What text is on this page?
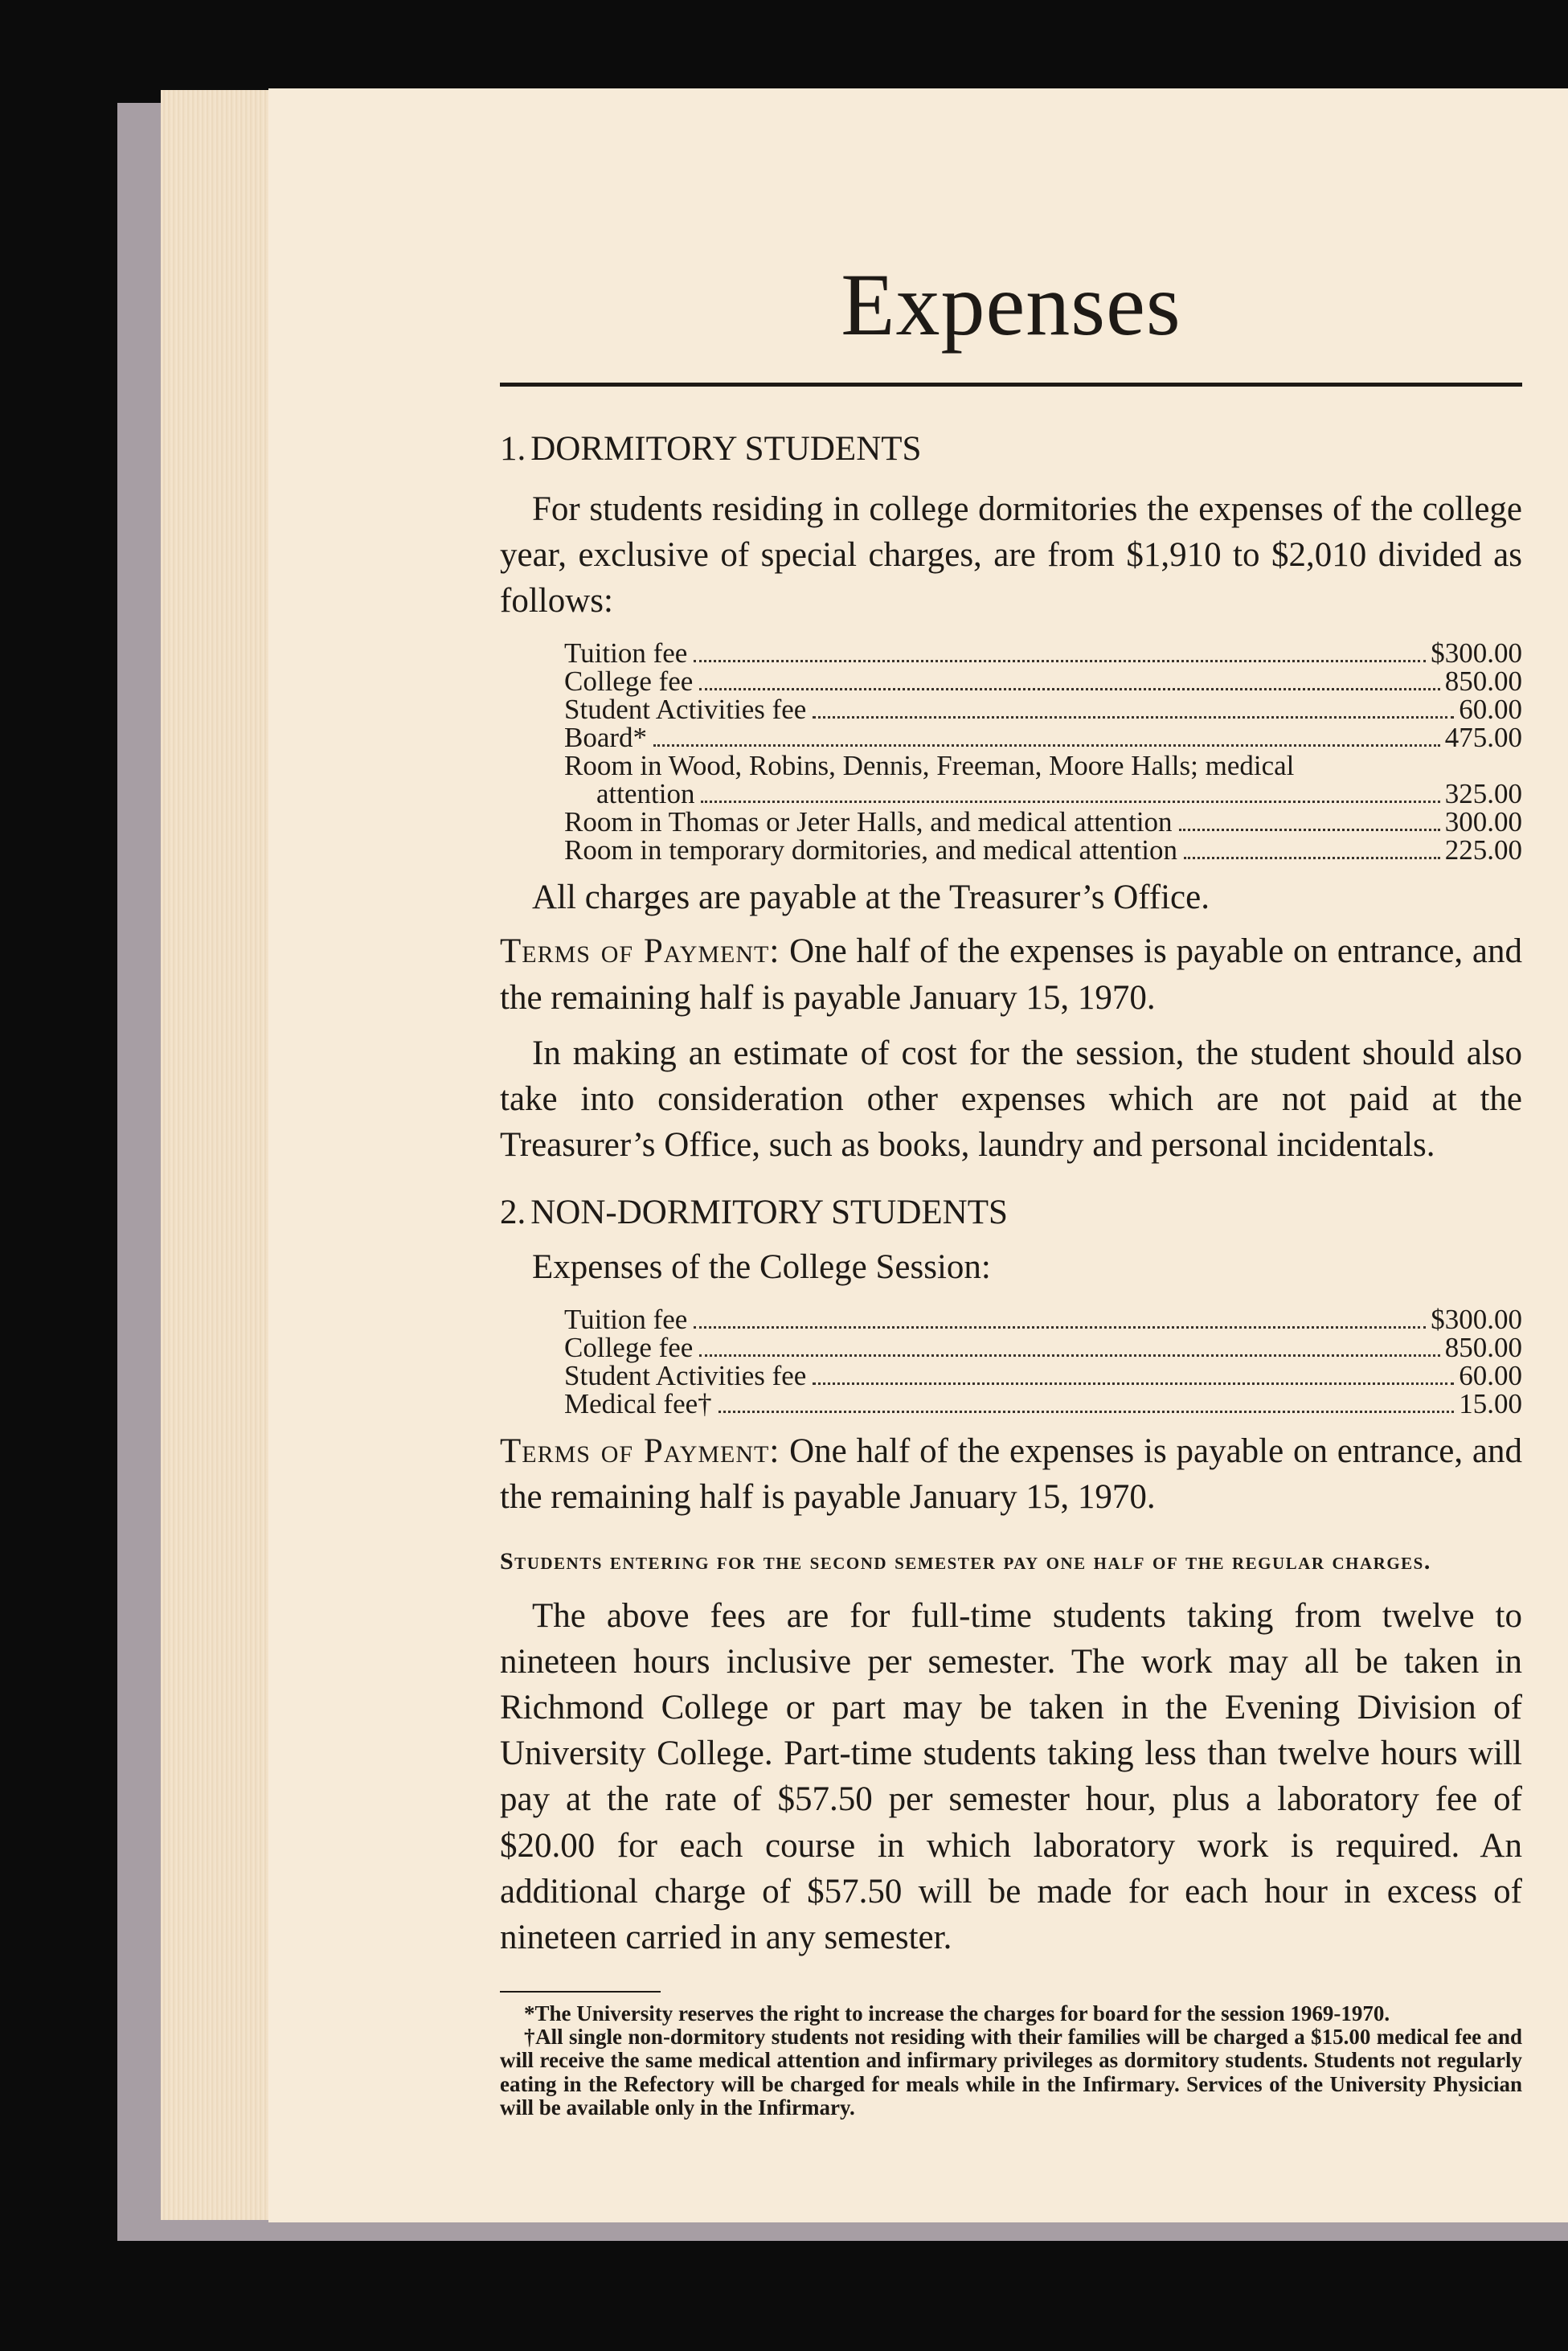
Expenses
1. DORMITORY STUDENTS

For students residing in college dormitories the expenses of the college year, exclusive of special charges, are from $1,910 to $2,010 divided as follows:

Tuition fee	$300.00
College fee	850.00
Student Activities fee	60.00
Board*	475.00
Room in Wood, Robins, Dennis, Freeman, Moore Halls; medical
attention	325.00
Room in Thomas or Jeter Halls, and medical attention	300.00
Room in temporary dormitories, and medical attention	225.00

All charges are payable at the Treasurer’s Office.

Terms of Payment: One half of the expenses is payable on entrance, and the remaining half is payable January 15, 1970.

In making an estimate of cost for the session, the student should also take into consideration other expenses which are not paid at the Treasurer’s Office, such as books, laundry and personal incidentals.

2. NON-DORMITORY STUDENTS

Expenses of the College Session:

Tuition fee	$300.00
College fee	850.00
Student Activities fee	60.00
Medical fee†	15.00

Terms of Payment: One half of the expenses is payable on entrance, and the remaining half is payable January 15, 1970.

Students entering for the second semester pay one half of the regular charges.

The above fees are for full-time students taking from twelve to nineteen hours inclusive per semester. The work may all be taken in Richmond College or part may be taken in the Evening Division of University College. Part-time students taking less than twelve hours will pay at the rate of $57.50 per semester hour, plus a laboratory fee of $20.00 for each course in which laboratory work is required. An additional charge of $57.50 will be made for each hour in excess of nineteen carried in any semester.

*The University reserves the right to increase the charges for board for the session 1969-1970.

†All single non-dormitory students not residing with their families will be charged a $15.00 medical fee and will receive the same medical attention and infirmary privileges as dormitory students. Students not regularly eating in the Refectory will be charged for meals while in the Infirmary. Services of the University Physician will be available only in the Infirmary.
